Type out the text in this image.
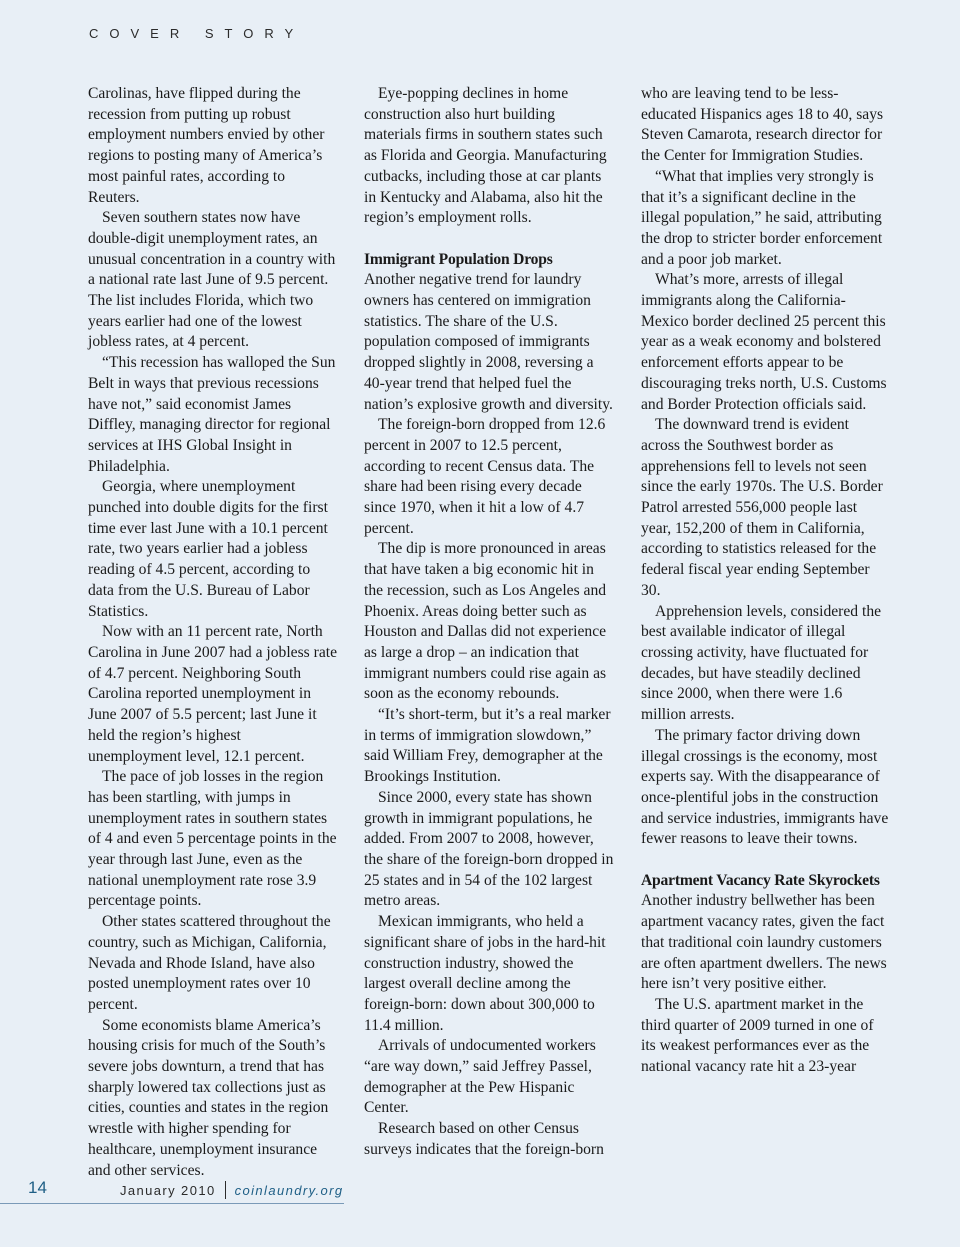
COVER STORY

Carolinas, have flipped during the recession from putting up robust employment numbers envied by other regions to posting many of America’s most painful rates, according to Reuters.

Seven southern states now have double-digit unemployment rates, an unusual concentration in a country with a national rate last June of 9.5 percent. The list includes Florida, which two years earlier had one of the lowest jobless rates, at 4 percent.

“This recession has walloped the Sun Belt in ways that previous recessions have not,” said economist James Diffley, managing director for regional services at IHS Global Insight in Philadelphia.

Georgia, where unemployment punched into double digits for the first time ever last June with a 10.1 percent rate, two years earlier had a jobless reading of 4.5 percent, according to data from the U.S. Bureau of Labor Statistics.

Now with an 11 percent rate, North Carolina in June 2007 had a jobless rate of 4.7 percent. Neighboring South Carolina reported unemployment in June 2007 of 5.5 percent; last June it held the region’s highest unemployment level, 12.1 percent.

The pace of job losses in the region has been startling, with jumps in unemployment rates in southern states of 4 and even 5 percentage points in the year through last June, even as the national unemployment rate rose 3.9 percentage points.

Other states scattered throughout the country, such as Michigan, California, Nevada and Rhode Island, have also posted unemployment rates over 10 percent.

Some economists blame America’s housing crisis for much of the South’s severe jobs downturn, a trend that has sharply lowered tax collections just as cities, counties and states in the region wrestle with higher spending for healthcare, unemployment insurance and other services.

Eye-popping declines in home construction also hurt building materials firms in southern states such as Florida and Georgia. Manufacturing cutbacks, including those at car plants in Kentucky and Alabama, also hit the region’s employment rolls.

Immigrant Population Drops

Another negative trend for laundry owners has centered on immigration statistics. The share of the U.S. population composed of immigrants dropped slightly in 2008, reversing a 40-year trend that helped fuel the nation’s explosive growth and diversity.

The foreign-born dropped from 12.6 percent in 2007 to 12.5 percent, according to recent Census data. The share had been rising every decade since 1970, when it hit a low of 4.7 percent.

The dip is more pronounced in areas that have taken a big economic hit in the recession, such as Los Angeles and Phoenix. Areas doing better such as Houston and Dallas did not experience as large a drop – an indication that immigrant numbers could rise again as soon as the economy rebounds.

“It’s short-term, but it’s a real marker in terms of immigration slowdown,” said William Frey, demographer at the Brookings Institution.

Since 2000, every state has shown growth in immigrant populations, he added. From 2007 to 2008, however, the share of the foreign-born dropped in 25 states and in 54 of the 102 largest metro areas.

Mexican immigrants, who held a significant share of jobs in the hard-hit construction industry, showed the largest overall decline among the foreign-born: down about 300,000 to 11.4 million.

Arrivals of undocumented workers “are way down,” said Jeffrey Passel, demographer at the Pew Hispanic Center.

Research based on other Census surveys indicates that the foreign-born

who are leaving tend to be less-educated Hispanics ages 18 to 40, says Steven Camarota, research director for the Center for Immigration Studies.

“What that implies very strongly is that it’s a significant decline in the illegal population,” he said, attributing the drop to stricter border enforcement and a poor job market.

What’s more, arrests of illegal immigrants along the California-Mexico border declined 25 percent this year as a weak economy and bolstered enforcement efforts appear to be discouraging treks north, U.S. Customs and Border Protection officials said.

The downward trend is evident across the Southwest border as apprehensions fell to levels not seen since the early 1970s. The U.S. Border Patrol arrested 556,000 people last year, 152,200 of them in California, according to statistics released for the federal fiscal year ending September 30.

Apprehension levels, considered the best available indicator of illegal crossing activity, have fluctuated for decades, but have steadily declined since 2000, when there were 1.6 million arrests.

The primary factor driving down illegal crossings is the economy, most experts say. With the disappearance of once-plentiful jobs in the construction and service industries, immigrants have fewer reasons to leave their towns.

Apartment Vacancy Rate Skyrockets

Another industry bellwether has been apartment vacancy rates, given the fact that traditional coin laundry customers are often apartment dwellers. The news here isn’t very positive either.

The U.S. apartment market in the third quarter of 2009 turned in one of its weakest performances ever as the national vacancy rate hit a 23-year

14	January 2010 coinlaundry.org
